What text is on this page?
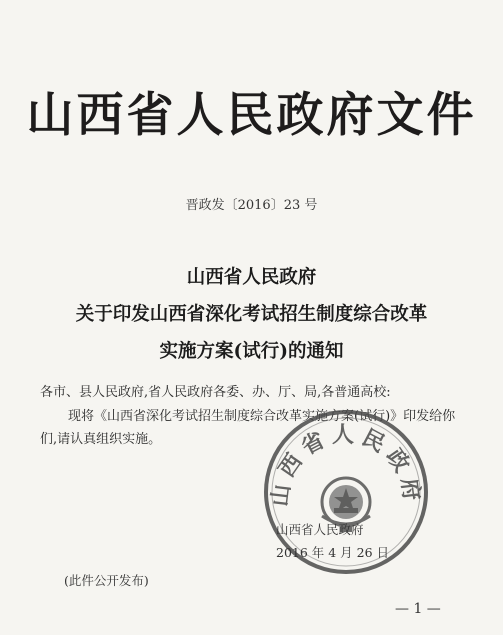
山西省人民政府文件
晋政发〔2016〕23 号
山西省人民政府
关于印发山西省深化考试招生制度综合改革
实施方案(试行)的通知
各市、县人民政府,省人民政府各委、办、厅、局,各普通高校:
现将《山西省深化考试招生制度综合改革实施方案(试行)》印发给你们,请认真组织实施。
山西省人民政府
山西省人民政府
2016 年 4 月 26 日
(此件公开发布)
— 1 —
